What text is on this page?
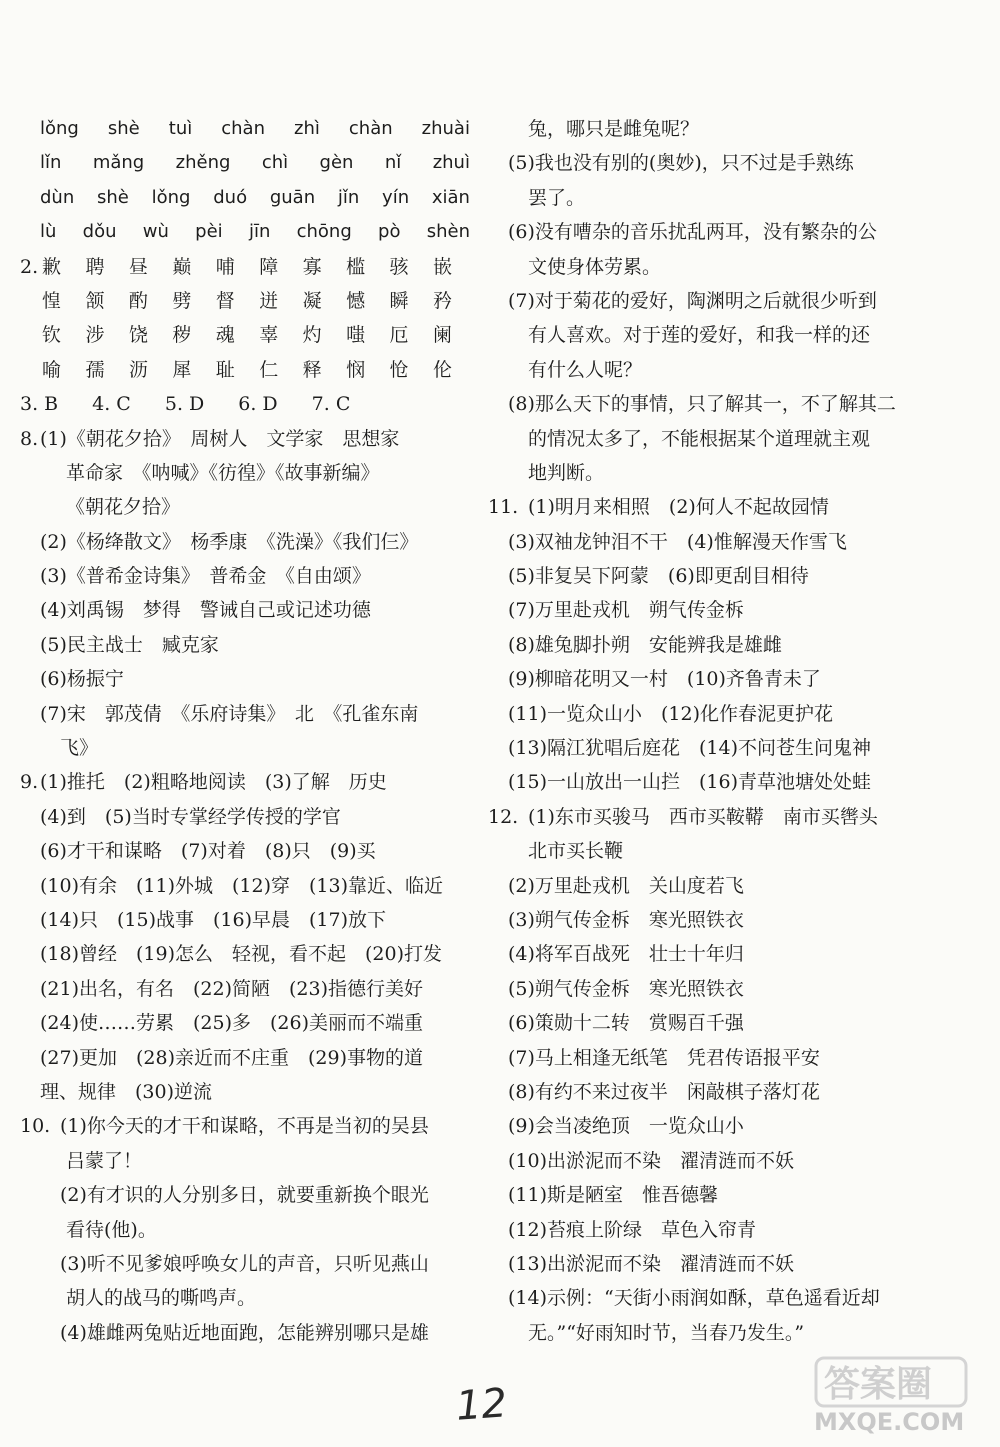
lǒng shè tuì chàn zhì chàn zhuài
lǐn mǎng zhěng chì gèn nǐ zhuì
dùn shè lǒng duó guān jǐn yín xiān
lù dǒu wù pèi jīn chōng pò shèn
2. 歉 聘 昼 巅 哺 障 寡 槛 骇 嵌
惶 颔 酌 劈 督 迸 凝 憾 瞬 矜
钦 涉 饶 秽 魂 辜 灼 嗤 厄 阑
喻 孺 沥 犀 耻 仁 释 悯 怆 伦
3. B 4. C 5. D 6. D 7. C
8. (1)《朝花夕拾》　周树人　文学家　思想家
革命家　《呐喊》《彷徨》《故事新编》
《朝花夕拾》
(2)《杨绛散文》　杨季康　《洗澡》《我们仨》
(3)《普希金诗集》　普希金　《自由颂》
(4)刘禹锡　梦得　警诫自己或记述功德
(5)民主战士　臧克家
(6)杨振宁
(7)宋　郭茂倩　《乐府诗集》　北　《孔雀东南
飞》
9. (1)推托　(2)粗略地阅读　(3)了解　历史
(4)到　(5)当时专掌经学传授的学官
(6)才干和谋略　(7)对着　(8)只　(9)买
(10)有余　(11)外城　(12)穿　(13)靠近、临近
(14)只　(15)战事　(16)早晨　(17)放下
(18)曾经　(19)怎么　轻视，看不起　(20)打发
(21)出名，有名　(22)简陋　(23)指德行美好
(24)使……劳累　(25)多　(26)美丽而不端重
(27)更加　(28)亲近而不庄重　(29)事物的道
理、规律　(30)逆流
10. (1)你今天的才干和谋略，不再是当初的吴县
吕蒙了！
(2)有才识的人分别多日，就要重新换个眼光
看待(他)。
(3)听不见爹娘呼唤女儿的声音，只听见燕山
胡人的战马的嘶鸣声。
(4)雄雌两兔贴近地面跑，怎能辨别哪只是雄
兔，哪只是雌兔呢？
(5)我也没有别的(奥妙)，只不过是手熟练
罢了。
(6)没有嘈杂的音乐扰乱两耳，没有繁杂的公
文使身体劳累。
(7)对于菊花的爱好，陶渊明之后就很少听到
有人喜欢。对于莲的爱好，和我一样的还
有什么人呢？
(8)那么天下的事情，只了解其一，不了解其二
的情况太多了，不能根据某个道理就主观
地判断。
11. (1)明月来相照　(2)何人不起故园情
(3)双袖龙钟泪不干　(4)惟解漫天作雪飞
(5)非复吴下阿蒙　(6)即更刮目相待
(7)万里赴戎机　朔气传金柝
(8)雄兔脚扑朔　安能辨我是雄雌
(9)柳暗花明又一村　(10)齐鲁青未了
(11)一览众山小　(12)化作春泥更护花
(13)隔江犹唱后庭花　(14)不问苍生问鬼神
(15)一山放出一山拦　(16)青草池塘处处蛙
12. (1)东市买骏马　西市买鞍鞯　南市买辔头
北市买长鞭
(2)万里赴戎机　关山度若飞
(3)朔气传金柝　寒光照铁衣
(4)将军百战死　壮士十年归
(5)朔气传金柝　寒光照铁衣
(6)策勋十二转　赏赐百千强
(7)马上相逢无纸笔　凭君传语报平安
(8)有约不来过夜半　闲敲棋子落灯花
(9)会当凌绝顶　一览众山小
(10)出淤泥而不染　濯清涟而不妖
(11)斯是陋室　惟吾德馨
(12)苔痕上阶绿　草色入帘青
(13)出淤泥而不染　濯清涟而不妖
(14)示例：“天街小雨润如酥，草色遥看近却
无。”“好雨知时节，当春乃发生。”
12	答案圈
MXQE.COM
